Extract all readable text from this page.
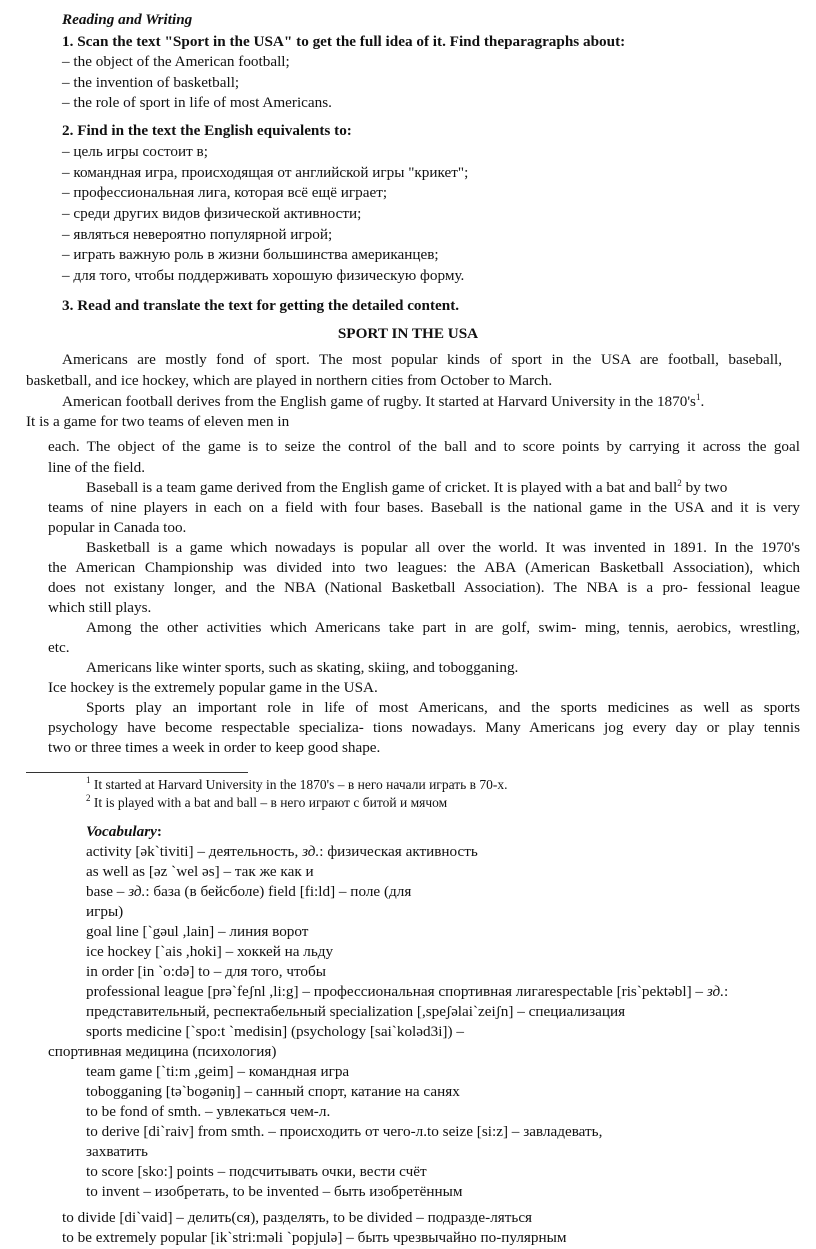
Reading and Writing
1. Scan the text "Sport in the USA" to get the full idea of it. Find theparagraphs about:
– the object of the American football;
– the invention of basketball;
– the role of sport in life of most Americans.
2. Find in the text the English equivalents to:
– цель игры состоит в;
– командная игра, происходящая от английской игры "крикет";
– профессиональная лига, которая всё ещё играет;
– среди других видов физической активности;
– являться невероятно популярной игрой;
– играть важную роль в жизни большинства американцев;
– для того, чтобы поддерживать хорошую физическую форму.
3. Read and translate the text for getting the detailed content.
SPORT IN THE USA
Americans are mostly fond of sport. The most popular kinds of sport in the USA are football, baseball,
basketball, and ice hockey, which are played in northern cities from October to March.
American football derives from the English game of rugby. It started at Harvard University in the $1870's^1$.
It is a game for two teams of eleven men in
each. The object of the game is to seize the control of the ball and to score points by carrying it across the goal
line of the field.
Baseball is a team game derived from the English game of cricket. It is played with a bat and ball$^2$ by two
teams of nine players in each on a field with four bases. Baseball is the national game in the USA and it is very
popular in Canada too.
Basketball is a game which nowadays is popular all over the world. It was invented in 1891. In the 1970's
the American Championship was divided into two leagues: the ABA (American Basketball Association), which
does not existany longer, and the NBA (National Basketball Association). The NBA is a pro- fessional league
which still plays.
Among the other activities which Americans take part in are golf, swim- ming, tennis, aerobics, wrestling,
etc.
Americans like winter sports, such as skating, skiing, and tobogganing.
Ice hockey is the extremely popular game in the USA.
Sports play an important role in life of most Americans, and the sports medicines as well as sports
psychology have become respectable specializa- tions nowadays. Many Americans jog every day or play tennis
two or three times a week in order to keep good shape.
$^1$ It started at Harvard University in the 1870's – в него начали играть в 70-х.
$^2$ It is played with a bat and ball – в него играют с битой и мячом
Vocabulary:
activity [ək`tiviti] – деятельность, зд.: физическая активность
as well as [əz `wel əs] – так же как и
base – зд.: база (в бейсболе) field [fi:ld] – поле (для
игры)
goal line [`gəul ,lain] – линия ворот
ice hockey [`ais ,hoki] – хоккей на льду
in order [in `o:də] to – для того, чтобы
professional league [prə`feʃnl ,li:g] – профессиональная спортивная лигаrespectable [ris`pektəbl] – зд.:
представительный, респектабельный specialization [,speʃəlai`zeiʃn] – специализация
sports medicine [`spo:t `medisin] (psychology [sai`koləd3i]) –
спортивная медицина (психология)
team game [`ti:m ,geim] – командная игра
tobogganing [tə`bogəniŋ] – санный спорт, катание на санях
to be fond of smth. – увлекаться чем-л.
to derive [di`raiv] from smth. – происходить от чего-л.to seize [si:z] – завладевать,
захватить
to score [sko:] points – подсчитывать очки, вести счёт
to invent – изобретать, to be invented – быть изобретённым
to divide [di`vaid] – делить(ся), разделять, to be divided – подразде-ляться
to be extremely popular [ik`stri:məli `popjulə] – быть чрезвычайно по-пулярным
